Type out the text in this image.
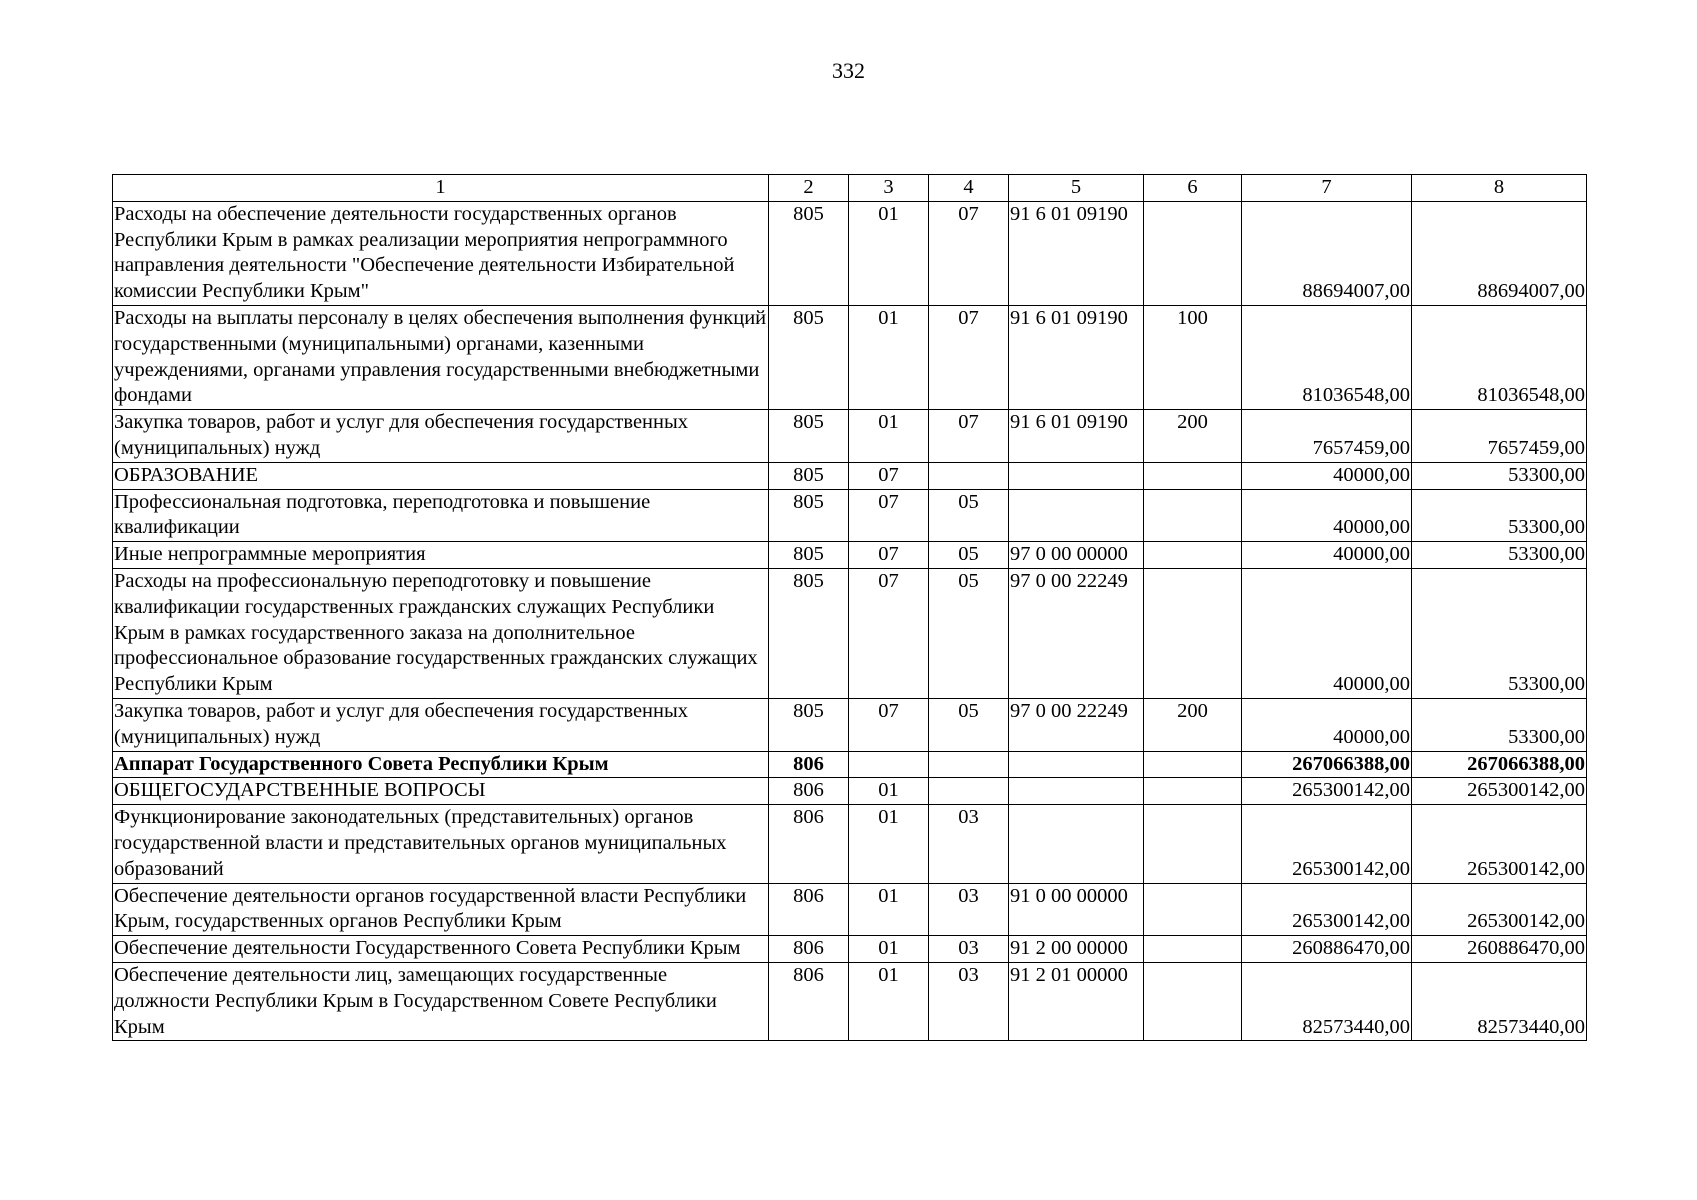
332
1	2	3	4	5	6	7	8
Расходы на обеспечение деятельности государственных органов Республики Крым в рамках реализации мероприятия непрограммного направления деятельности "Обеспечение деятельности Избирательной комиссии Республики Крым"	805	01	07	91 6 01 09190		88694007,00	88694007,00
Расходы на выплаты персоналу в целях обеспечения выполнения функций государственными (муниципальными) органами, казенными учреждениями, органами управления государственными внебюджетными фондами	805	01	07	91 6 01 09190	100	81036548,00	81036548,00
Закупка товаров, работ и услуг для обеспечения государственных (муниципальных) нужд	805	01	07	91 6 01 09190	200	7657459,00	7657459,00
ОБРАЗОВАНИЕ	805	07				40000,00	53300,00
Профессиональная подготовка, переподготовка и повышение квалификации	805	07	05			40000,00	53300,00
Иные непрограммные мероприятия	805	07	05	97 0 00 00000		40000,00	53300,00
Расходы на профессиональную переподготовку и повышение квалификации государственных гражданских служащих Республики Крым в рамках государственного заказа на дополнительное профессиональное образование государственных гражданских служащих Республики Крым	805	07	05	97 0 00 22249		40000,00	53300,00
Закупка товаров, работ и услуг для обеспечения государственных (муниципальных) нужд	805	07	05	97 0 00 22249	200	40000,00	53300,00
Аппарат Государственного Совета Республики Крым	806					267066388,00	267066388,00
ОБЩЕГОСУДАРСТВЕННЫЕ ВОПРОСЫ	806	01				265300142,00	265300142,00
Функционирование законодательных (представительных) органов государственной власти и представительных органов муниципальных образований	806	01	03			265300142,00	265300142,00
Обеспечение деятельности органов государственной власти Республики Крым, государственных органов Республики Крым	806	01	03	91 0 00 00000		265300142,00	265300142,00
Обеспечение деятельности Государственного Совета Республики Крым	806	01	03	91 2 00 00000		260886470,00	260886470,00
Обеспечение деятельности лиц, замещающих государственные должности Республики Крым в Государственном Совете Республики Крым	806	01	03	91 2 01 00000		82573440,00	82573440,00
